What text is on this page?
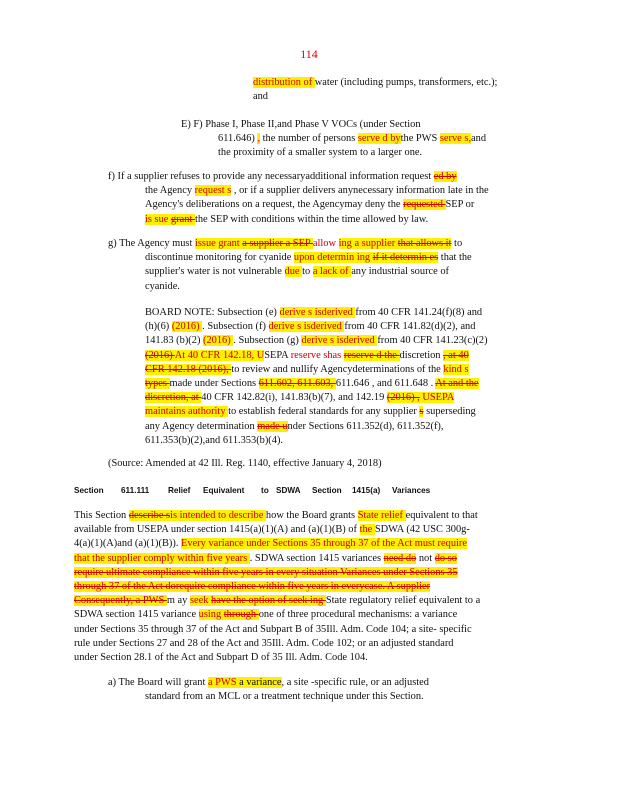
114
distribution of water (including pumps, transformers, etc.);
and
E) F) Phase I, Phase II,and Phase V VOCs (under Section
611.646) , the number of persons serve d bythe PWS serve s,and
the proximity of a smaller system to a larger one.
f) If a supplier refuses to provide any necessaryadditional information request ed by
the Agency request s , or if a supplier delivers anynecessary information late in the
Agency's deliberations on a request, the Agencymay deny the requested SEP or
is sue grant the SEP with conditions within the time allowed by law.
g) The Agency must issue grant a supplier a SEP allow ing a supplier that allows it to
discontinue monitoring for cyanide upon determin ing if it determin es that the
supplier's water is not vulnerable due to a lack of any industrial source of
cyanide.
BOARD NOTE: Subsection (e) derive s isderived from 40 CFR 141.24(f)(8) and
(h)(6) (2016) . Subsection (f) derive s isderived from 40 CFR 141.82(d)(2), and
141.83 (b)(2) (2016) . Subsection (g) derive s isderived from 40 CFR 141.23(c)(2)
(2016) At 40 CFR 142.18, USEPA reserve shas reserve d the discretion , at 40
CFR 142.18 (2016), to review and nullify Agencydeterminations of the kind s
types made under Sections 611.602, 611.603, 611.646 , and 611.648 . At and the
discretion, at 40 CFR 142.82(i), 141.83(b)(7), and 142.19 (2016) , USEPA
maintains authority to establish federal standards for any supplier s superseding
any Agency determination made under Sections 611.352(d), 611.352(f),
611.353(b)(2),and 611.353(b)(4).
(Source: Amended at 42 Ill. Reg. 1140, effective January 4, 2018)
Section 611.111 Relief Equivalent to SDWA Section 1415(a) Variances
This Section describe sis intended to describe how the Board grants State relief equivalent to that
available from USEPA under section 1415(a)(1)(A) and (a)(1)(B) of the SDWA (42 USC 300g-
4(a)(1)(A)and (a)(1)(B)). Every variance under Sections 35 through 37 of the Act must require
that the supplier comply within five years . SDWA section 1415 variances need do not do so
require ultimate compliance within five years in every situation Variances under Sections 35
through 37 of the Act dorequire compliance within five years in everycase. A supplier
Consequently, a PWS m ay seek have the option of seek ing State regulatory relief equivalent to a
SDWA section 1415 variance using through one of three procedural mechanisms: a variance
under Sections 35 through 37 of the Act and Subpart B of 35Ill. Adm. Code 104; a site- specific
rule under Sections 27 and 28 of the Act and 35Ill. Adm. Code 102; or an adjusted standard
under Section 28.1 of the Act and Subpart D of 35 Ill. Adm. Code 104.
a) The Board will grant a PWS a variance, a site -specific rule, or an adjusted
standard from an MCL or a treatment technique under this Section.
